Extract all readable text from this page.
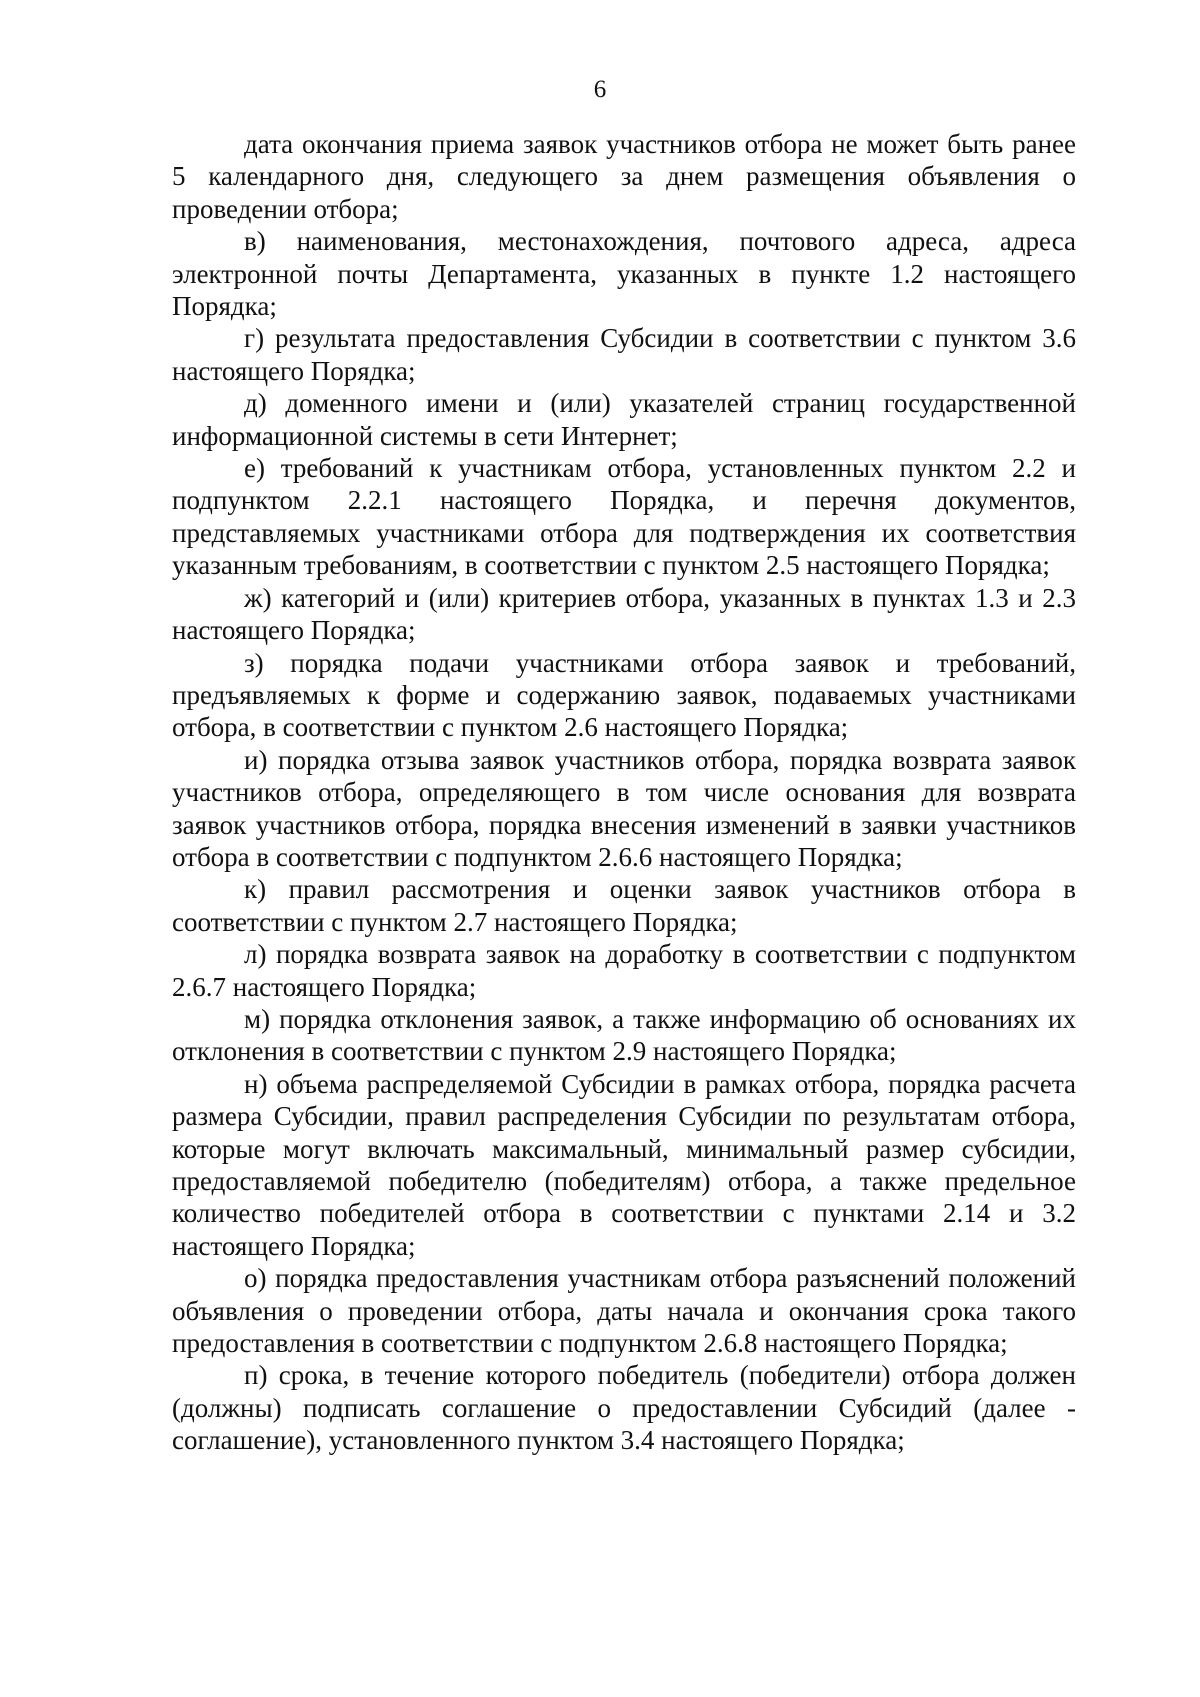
6

дата окончания приема заявок участников отбора не может быть ранее 5 календарного дня, следующего за днем размещения объявления о проведении отбора;

в) наименования, местонахождения, почтового адреса, адреса электронной почты Департамента, указанных в пункте 1.2 настоящего Порядка;

г) результата предоставления Субсидии в соответствии с пунктом 3.6 настоящего Порядка;

д) доменного имени и (или) указателей страниц государственной информационной системы в сети Интернет;

е) требований к участникам отбора, установленных пунктом 2.2 и подпунктом 2.2.1 настоящего Порядка, и перечня документов, представляемых участниками отбора для подтверждения их соответствия указанным требованиям, в соответствии с пунктом 2.5 настоящего Порядка;

ж) категорий и (или) критериев отбора, указанных в пунктах 1.3 и 2.3 настоящего Порядка;

з) порядка подачи участниками отбора заявок и требований, предъявляемых к форме и содержанию заявок, подаваемых участниками отбора, в соответствии с пунктом 2.6 настоящего Порядка;

и) порядка отзыва заявок участников отбора, порядка возврата заявок участников отбора, определяющего в том числе основания для возврата заявок участников отбора, порядка внесения изменений в заявки участников отбора в соответствии с подпунктом 2.6.6 настоящего Порядка;

к) правил рассмотрения и оценки заявок участников отбора в соответствии с пунктом 2.7 настоящего Порядка;

л) порядка возврата заявок на доработку в соответствии с подпунктом 2.6.7 настоящего Порядка;

м) порядка отклонения заявок, а также информацию об основаниях их отклонения в соответствии с пунктом 2.9 настоящего Порядка;

н) объема распределяемой Субсидии в рамках отбора, порядка расчета размера Субсидии, правил распределения Субсидии по результатам отбора, которые могут включать максимальный, минимальный размер субсидии, предоставляемой победителю (победителям) отбора, а также предельное количество победителей отбора в соответствии с пунктами 2.14 и 3.2 настоящего Порядка;

о) порядка предоставления участникам отбора разъяснений положений объявления о проведении отбора, даты начала и окончания срока такого предоставления в соответствии с подпунктом 2.6.8 настоящего Порядка;

п) срока, в течение которого победитель (победители) отбора должен (должны) подписать соглашение о предоставлении Субсидий (далее - соглашение), установленного пунктом 3.4 настоящего Порядка;
